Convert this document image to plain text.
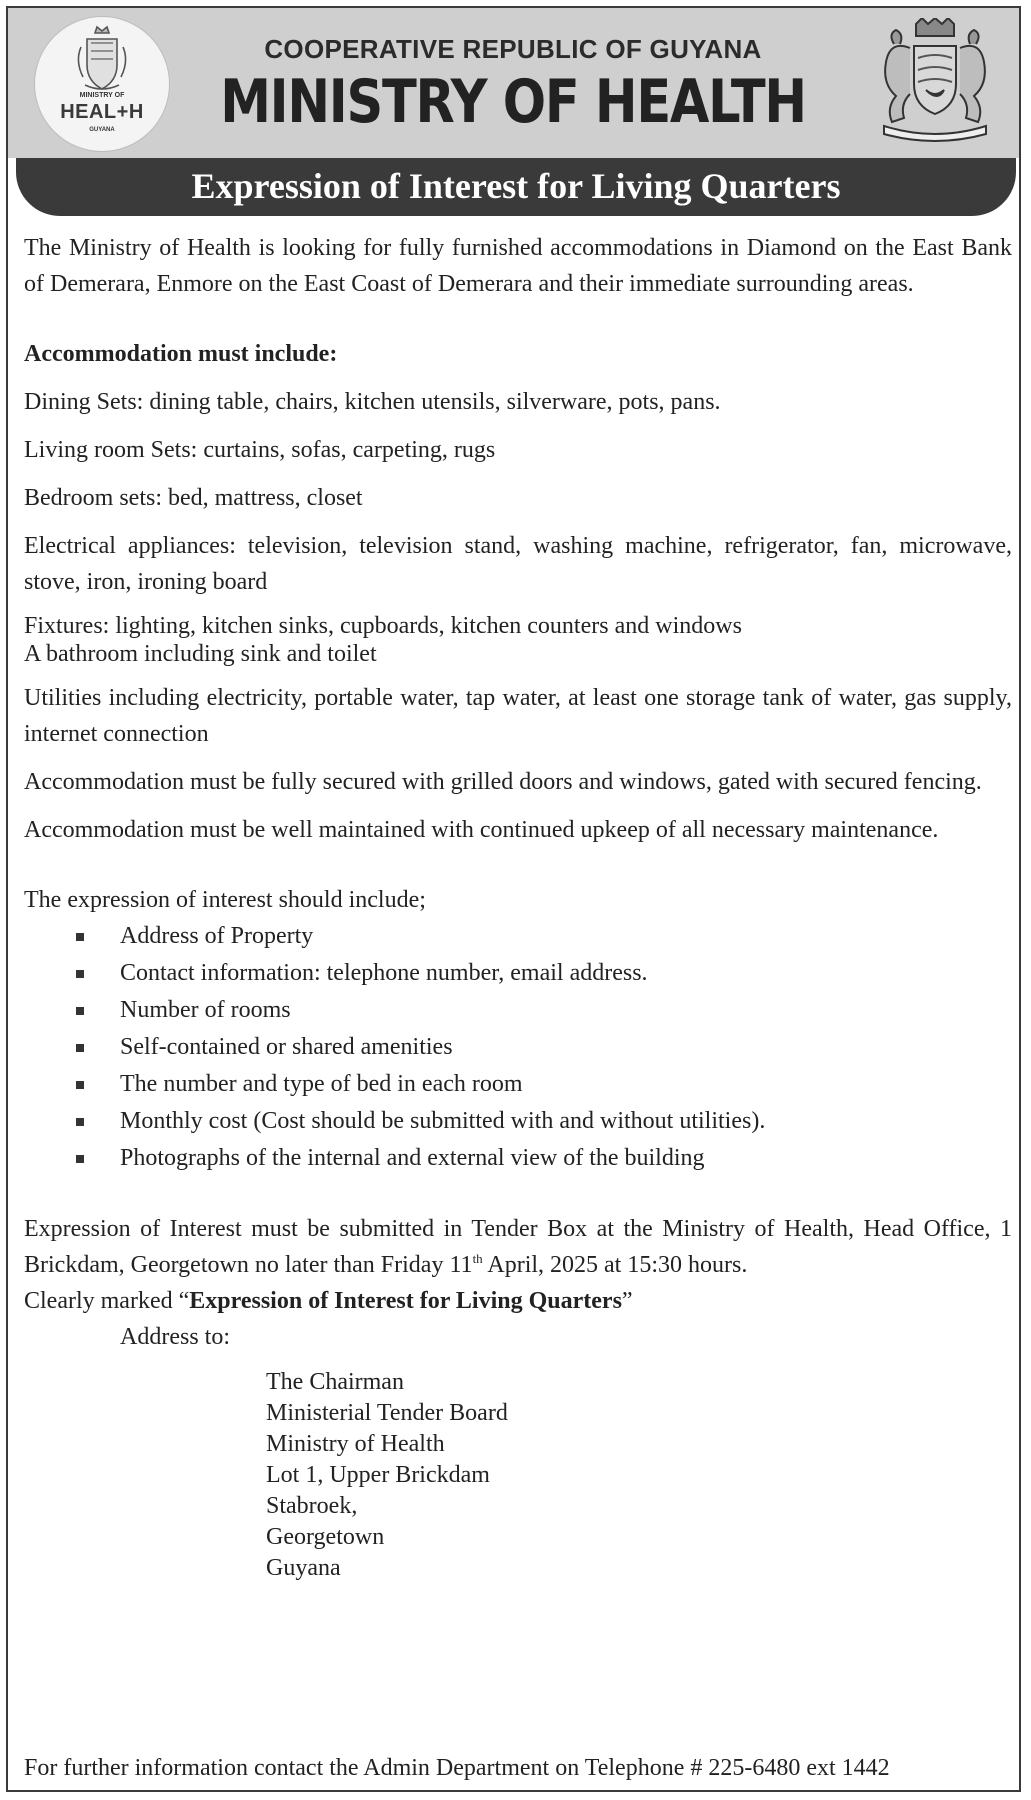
MINISTRY OF
HEAL+H
GUYANA
COOPERATIVE REPUBLIC OF GUYANA
MINISTRY OF HEALTH
Expression of Interest for Living Quarters

The Ministry of Health is looking for fully furnished accommodations in Diamond on the East Bank of Demerara, Enmore on the East Coast of Demerara and their immediate surrounding areas.

Accommodation must include:

Dining Sets: dining table, chairs, kitchen utensils, silverware, pots, pans.

Living room Sets: curtains, sofas, carpeting, rugs

Bedroom sets: bed, mattress, closet

Electrical appliances: television, television stand, washing machine, refrigerator, fan, microwave, stove, iron, ironing board

Fixtures: lighting, kitchen sinks, cupboards, kitchen counters and windows

A bathroom including sink and toilet

Utilities including electricity, portable water, tap water, at least one storage tank of water, gas supply, internet connection

Accommodation must be fully secured with grilled doors and windows, gated with secured fencing.

Accommodation must be well maintained with continued upkeep of all necessary maintenance.

The expression of interest should include;

Address of Property
Contact information: telephone number, email address.
Number of rooms
Self-contained or shared amenities
The number and type of bed in each room
Monthly cost (Cost should be submitted with and without utilities).
Photographs of the internal and external view of the building

Expression of Interest must be submitted in Tender Box at the Ministry of Health, Head Office, 1 Brickdam, Georgetown no later than Friday 11th April, 2025 at 15:30 hours.

Clearly marked “Expression of Interest for Living Quarters”

Address to:

The Chairman
Ministerial Tender Board
Ministry of Health
Lot 1, Upper Brickdam
Stabroek,
Georgetown
Guyana
For further information contact the Admin Department on Telephone # 225-6480 ext 1442
